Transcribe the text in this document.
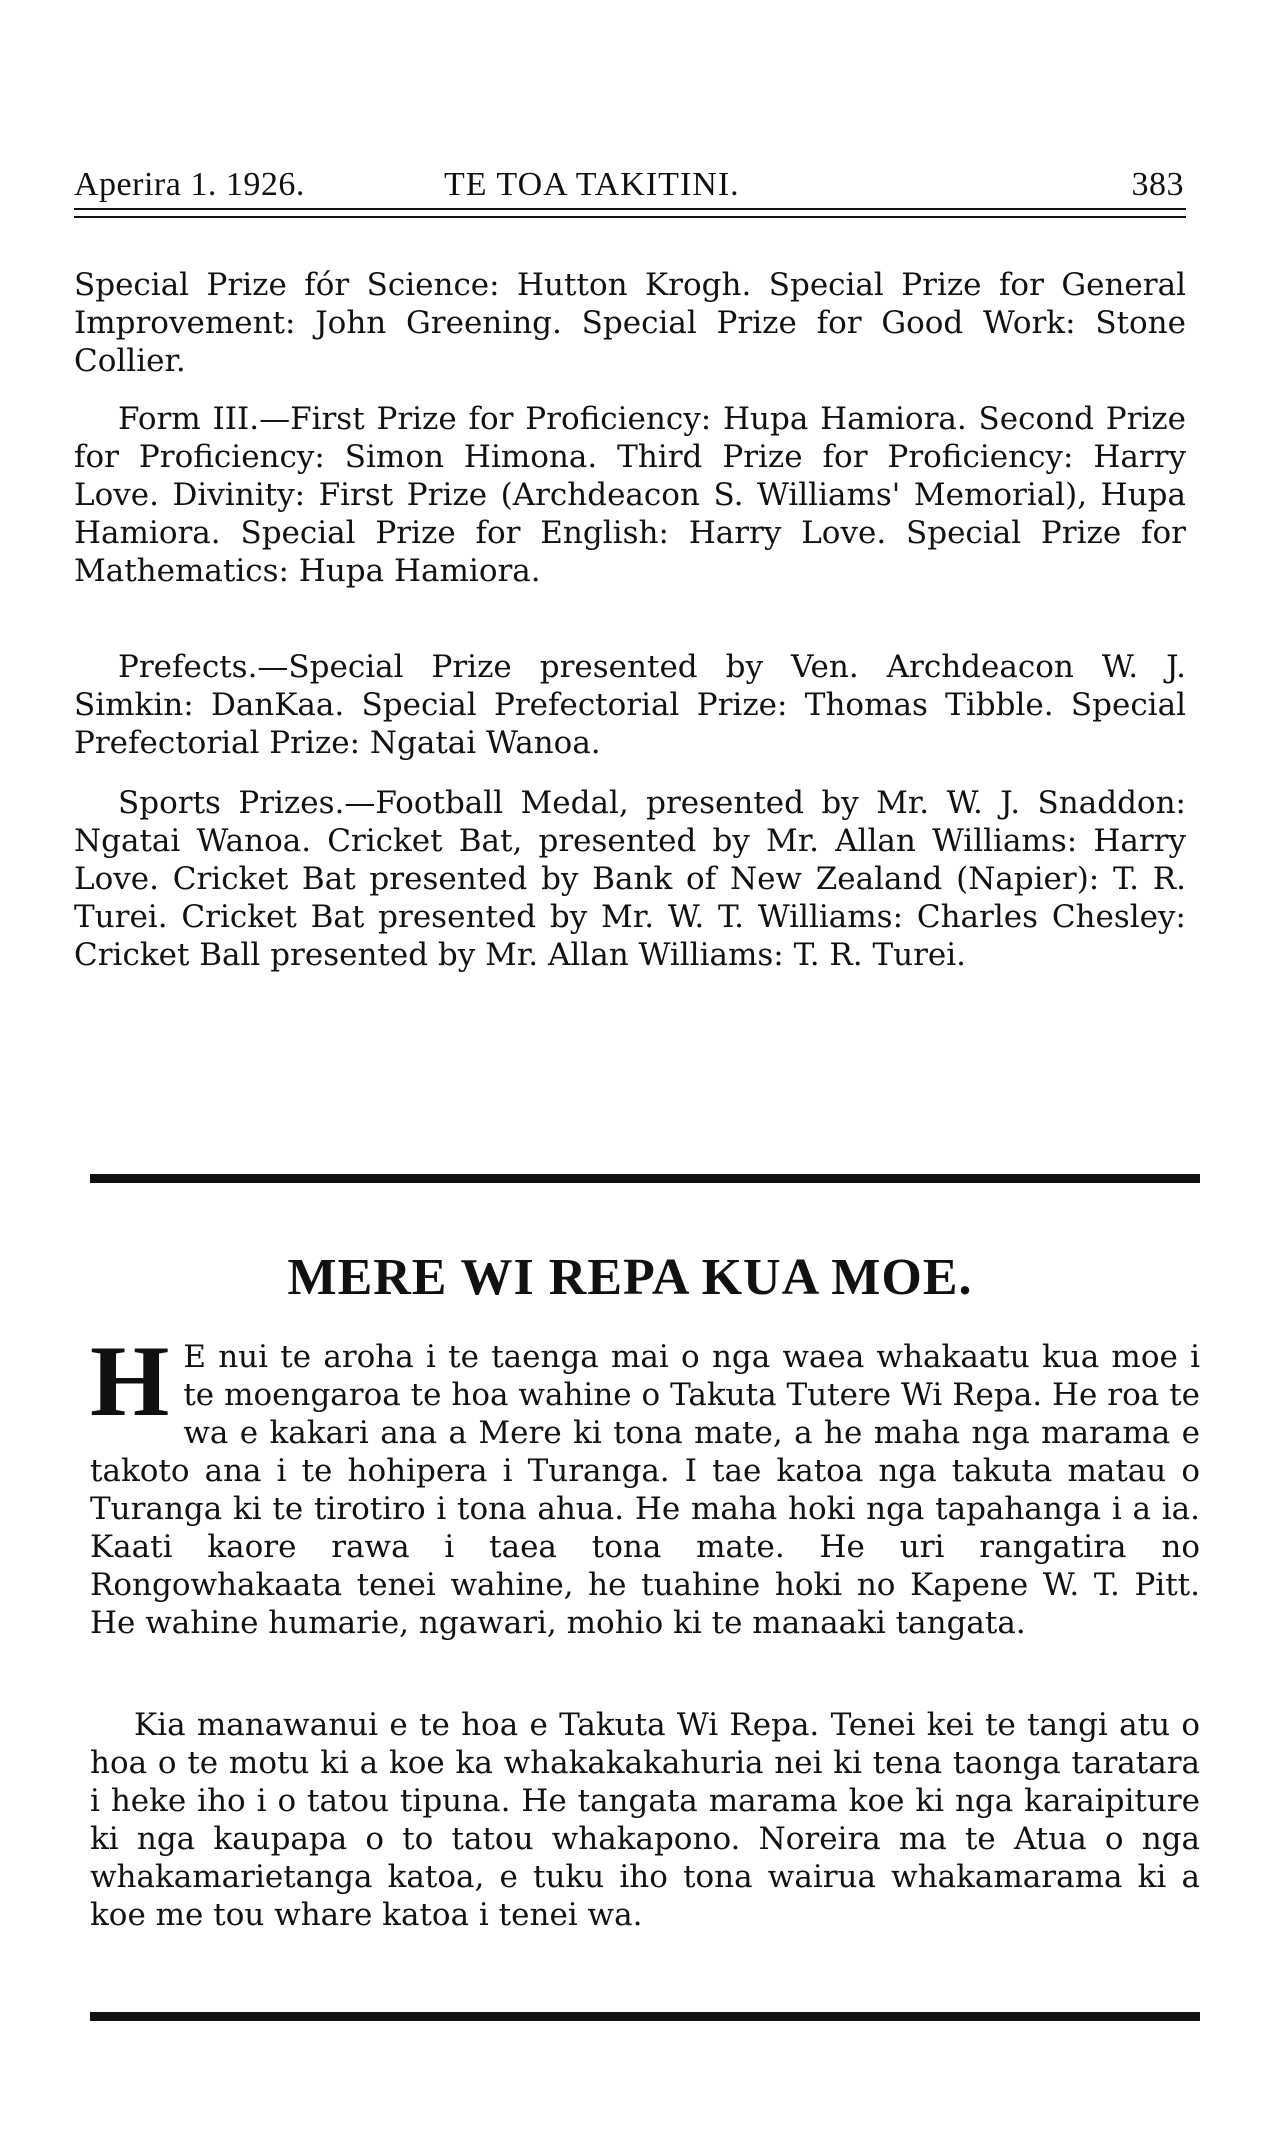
Aperira 1. 1926.	TE TOA TAKITINI.	383

Special Prize fór Science: Hutton Krogh. Special Prize for General Improvement: John Greening. Special Prize for Good Work: Stone Collier.

Form III.—First Prize for Proficiency: Hupa Hamiora. Second Prize for Proficiency: Simon Himona. Third Prize for Proficiency: Harry Love. Divinity: First Prize (Archdeacon S. Williams' Memorial), Hupa Hamiora. Special Prize for English: Harry Love. Special Prize for Mathematics: Hupa Hamiora.

Prefects.—Special Prize presented by Ven. Archdeacon W. J. Simkin: DanKaa. Special Prefectorial Prize: Thomas Tibble. Special Prefectorial Prize: Ngatai Wanoa.

Sports Prizes.—Football Medal, presented by Mr. W. J. Snaddon: Ngatai Wanoa. Cricket Bat, presented by Mr. Allan Williams: Harry Love. Cricket Bat presented by Bank of New Zealand (Napier): T. R. Turei. Cricket Bat presented by Mr. W. T. Williams: Charles Chesley: Cricket Ball presented by Mr. Allan Williams: T. R. Turei.

MERE WI REPA KUA MOE.

H E nui te aroha i te taenga mai o nga waea whakaatu kua moe i te moengaroa te hoa wahine o Takuta Tutere Wi Repa. He roa te wa e kakari ana a Mere ki tona mate, a he maha nga marama e takoto ana i te hohipera i Turanga. I tae katoa nga takuta matau o Turanga ki te tirotiro i tona ahua. He maha hoki nga tapahanga i a ia. Kaati kaore rawa i taea tona mate. He uri rangatira no Rongowhakaata tenei wahine, he tuahine hoki no Kapene W. T. Pitt. He wahine humarie, ngawari, mohio ki te manaaki tangata.

Kia manawanui e te hoa e Takuta Wi Repa. Tenei kei te tangi atu o hoa o te motu ki a koe ka whakakakahuria nei ki tena taonga taratara i heke iho i o tatou tipuna. He tangata marama koe ki nga karaipiture ki nga kaupapa o to tatou whakapono. Noreira ma te Atua o nga whakamarietanga katoa, e tuku iho tona wairua whakamarama ki a koe me tou whare katoa i tenei wa.
